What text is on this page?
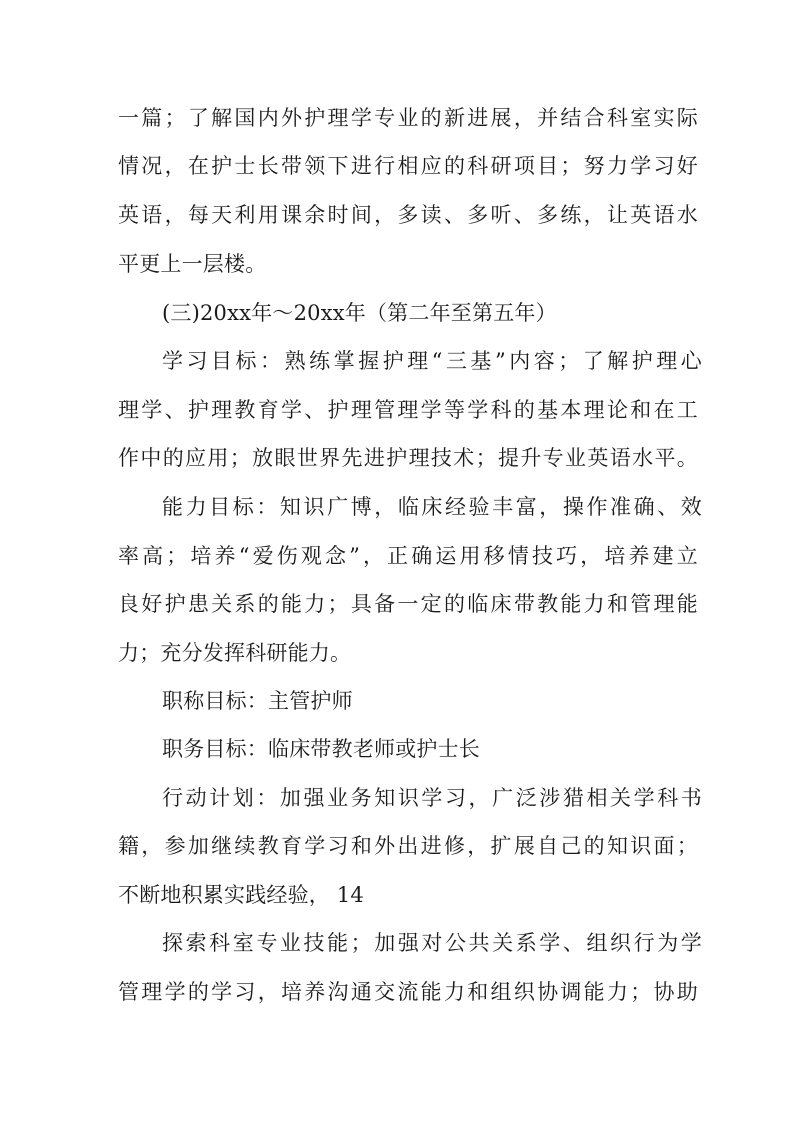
一篇；了解国内外护理学专业的新进展，并结合科室实际
情况，在护士长带领下进行相应的科研项目；努力学习好
英语，每天利用课余时间，多读、多听、多练，让英语水
平更上一层楼。
(三)20xx年～20xx年（第二年至第五年）
学习目标：熟练掌握护理“三基”内容；了解护理心
理学、护理教育学、护理管理学等学科的基本理论和在工
作中的应用；放眼世界先进护理技术；提升专业英语水平。
能力目标：知识广博，临床经验丰富，操作准确、效
率高；培养“爱伤观念”，正确运用移情技巧，培养建立
良好护患关系的能力；具备一定的临床带教能力和管理能
力；充分发挥科研能力。
职称目标：主管护师
职务目标：临床带教老师或护士长
行动计划：加强业务知识学习，广泛涉猎相关学科书
籍，参加继续教育学习和外出进修，扩展自己的知识面；
不断地积累实践经验， 14
探索科室专业技能；加强对公共关系学、组织行为学
管理学的学习，培养沟通交流能力和组织协调能力；协助
